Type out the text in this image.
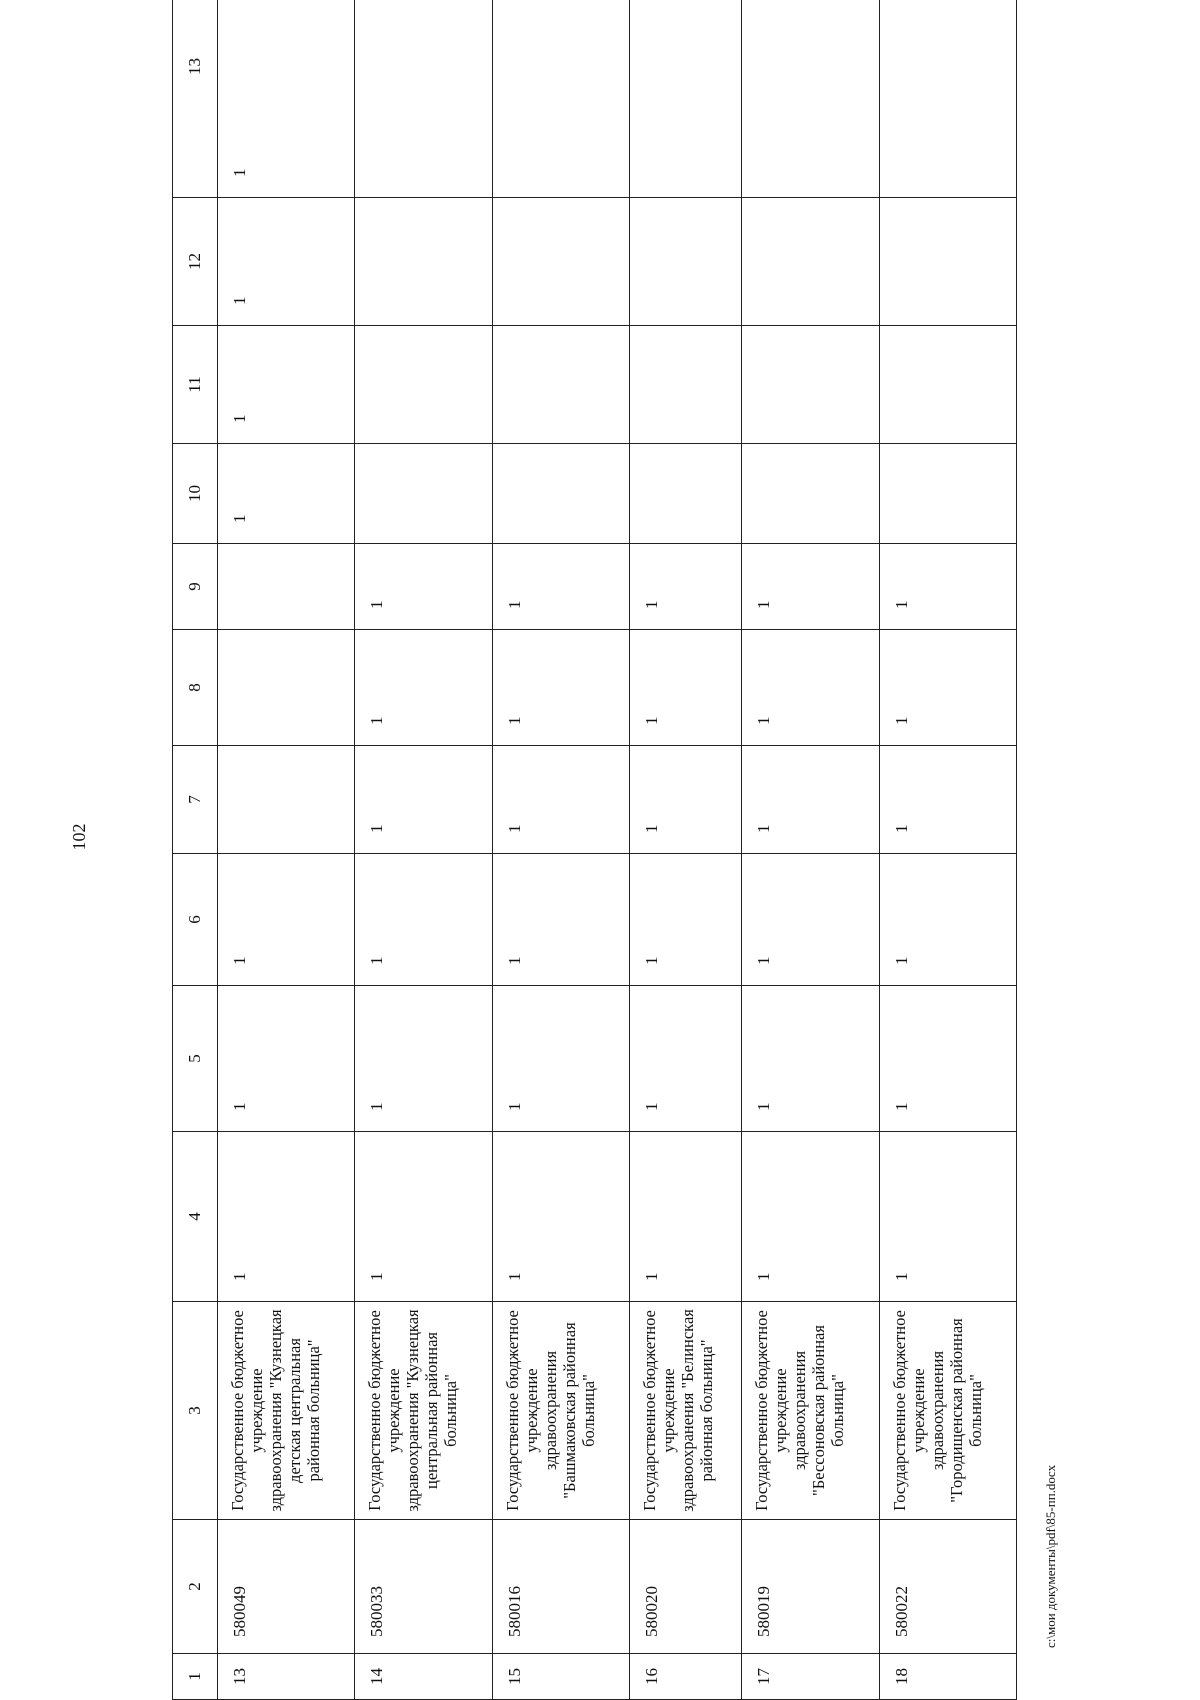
102
1	2	3	4	5	6	7	8	9	10	11	12	13
13	580049	Государственное бюджетное учреждение здравоохранения "Кузнецкая детская центральная районная больница"	1	1	1				1	1	1	1
14	580033	Государственное бюджетное учреждение здравоохранения "Кузнецкая центральная районная больница"	1	1	1	1	1	1				
15	580016	Государственное бюджетное учреждение здравоохранения "Башмаковская районная больница"	1	1	1	1	1	1				
16	580020	Государственное бюджетное учреждение здравоохранения "Белинская районная больница"	1	1	1	1	1	1				
17	580019	Государственное бюджетное учреждение здравоохранения "Бессоновская районная больница"	1	1	1	1	1	1				
18	580022	Государственное бюджетное учреждение здравоохранения "Городищенская районная больница"	1	1	1	1	1	1				
c:\мои документы\pdf\85-пп.docx
